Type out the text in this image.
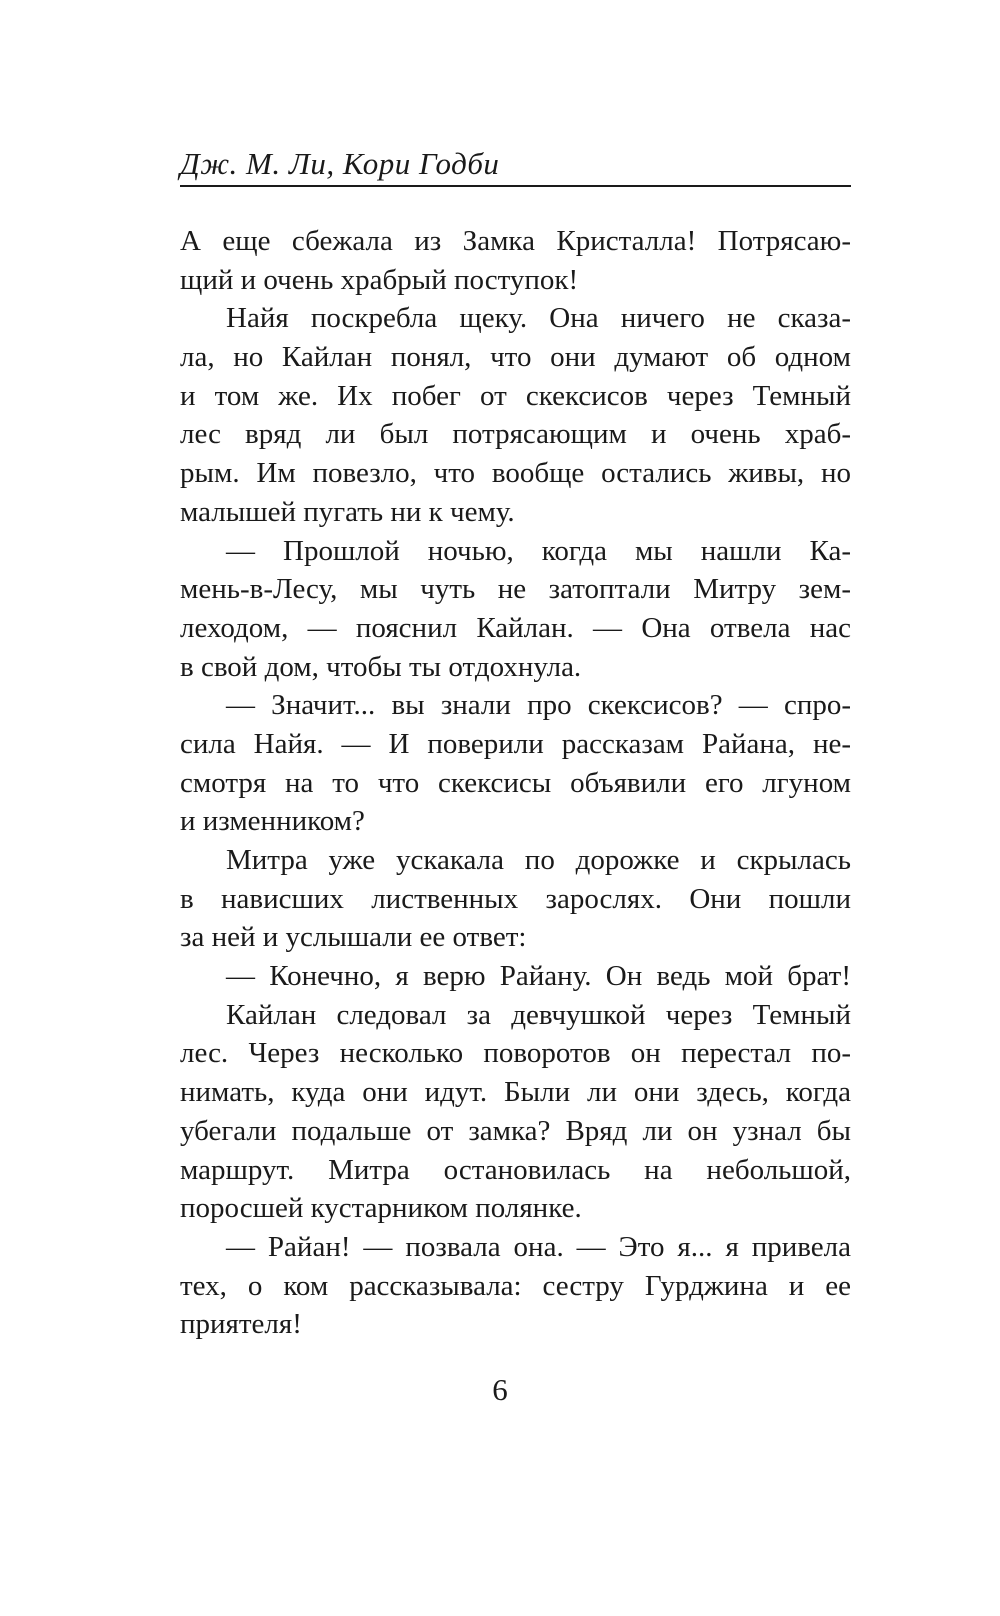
Дж. М. Ли, Кори Годби
А еще сбежала из Замка Кристалла! Потрясаю-
щий и очень храбрый поступок!
Найя поскребла щеку. Она ничего не сказа-
ла, но Кайлан понял, что они думают об одном
и том же. Их побег от скексисов через Темный
лес вряд ли был потрясающим и очень храб-
рым. Им повезло, что вообще остались живы, но
малышей пугать ни к чему.
— Прошлой ночью, когда мы нашли Ка-
мень-в-Лесу, мы чуть не затоптали Митру зем-
леходом, — пояснил Кайлан. — Она отвела нас
в свой дом, чтобы ты отдохнула.
— Значит... вы знали про скексисов? — спро-
сила Найя. — И поверили рассказам Райана, не-
смотря на то что скексисы объявили его лгуном
и изменником?
Митра уже ускакала по дорожке и скрылась
в нависших лиственных зарослях. Они пошли
за ней и услышали ее ответ:
— Конечно, я верю Райану. Он ведь мой брат!
Кайлан следовал за девчушкой через Темный
лес. Через несколько поворотов он перестал по-
нимать, куда они идут. Были ли они здесь, когда
убегали подальше от замка? Вряд ли он узнал бы
маршрут. Митра остановилась на небольшой,
поросшей кустарником полянке.
— Райан! — позвала она. — Это я... я привела
тех, о ком рассказывала: сестру Гурджина и ее
приятеля!
6
